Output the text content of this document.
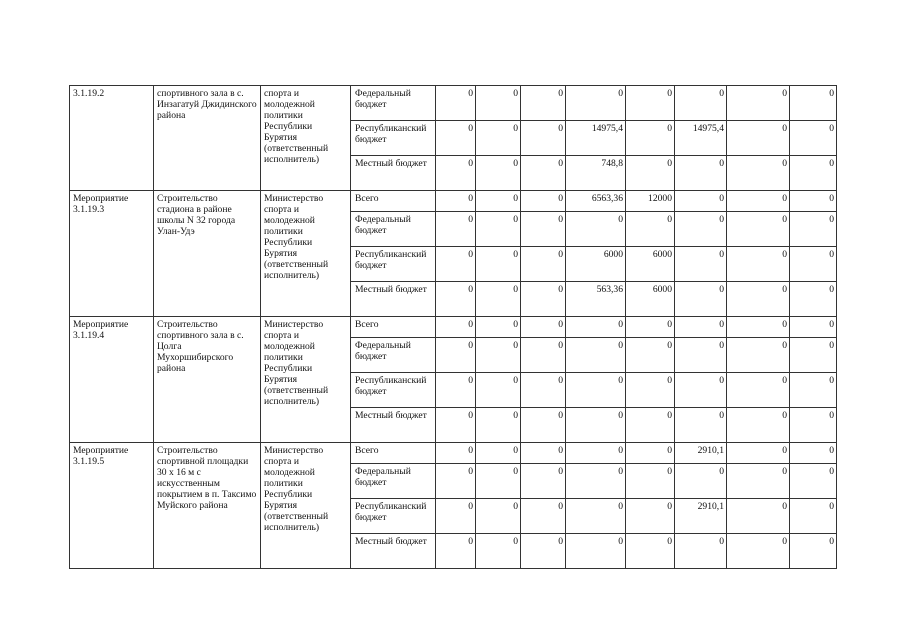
3.1.19.2	спортивного зала в с. Инзагатуй Джидинского района	спорта и молодежной политики Республики Бурятия (ответственный исполнитель)	Федеральный бюджет	0	0	0	0	0	0	0	0
			Республиканский бюджет	0	0	0	14975,4	0	14975,4	0	0
			Местный бюджет	0	0	0	748,8	0	0	0	0
Мероприятие 3.1.19.3	Строительство стадиона в районе школы N 32 города Улан-Удэ	Министерство спорта и молодежной политики Республики Бурятия (ответственный исполнитель)	Всего	0	0	0	6563,36	12000	0	0	0
			Федеральный бюджет	0	0	0	0	0	0	0	0
			Республиканский бюджет	0	0	0	6000	6000	0	0	0
			Местный бюджет	0	0	0	563,36	6000	0	0	0
Мероприятие 3.1.19.4	Строительство спортивного зала в с. Цолга Мухоршибирского района	Министерство спорта и молодежной политики Республики Бурятия (ответственный исполнитель)	Всего	0	0	0	0	0	0	0	0
			Федеральный бюджет	0	0	0	0	0	0	0	0
			Республиканский бюджет	0	0	0	0	0	0	0	0
			Местный бюджет	0	0	0	0	0	0	0	0
Мероприятие 3.1.19.5	Строительство спортивной площадки 30 х 16 м с искусственным покрытием в п. Таксимо Муйского района	Министерство спорта и молодежной политики Республики Бурятия (ответственный исполнитель)	Всего	0	0	0	0	0	2910,1	0	0
			Федеральный бюджет	0	0	0	0	0	0	0	0
			Республиканский бюджет	0	0	0	0	0	2910,1	0	0
			Местный бюджет	0	0	0	0	0	0	0	0
